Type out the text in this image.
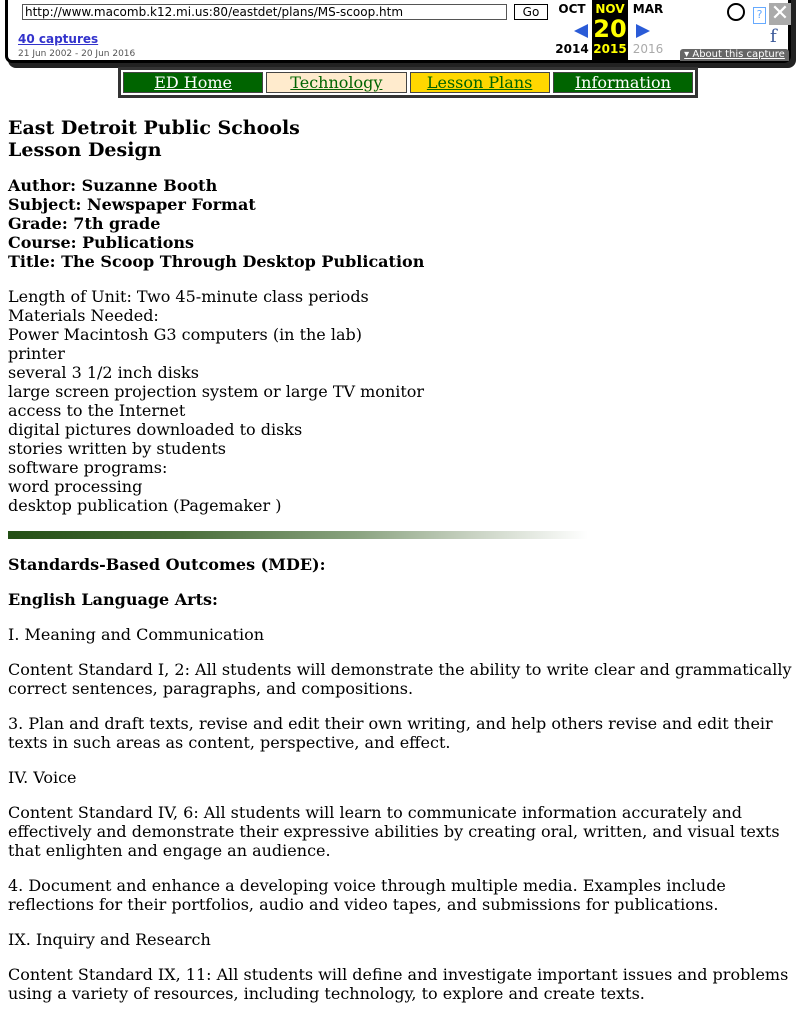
http://www.macomb.k12.mi.us:80/eastdet/plans/MS-scoop.htm
Go
40 captures
21 Jun 2002 - 20 Jun 2016
OCT
2014
NOV
20
2015
MAR
2016
? ✕
f
▾ About this capture
ED Home	Technology	Lesson Plans	Information
East Detroit Public Schools
Lesson Design
Author: Suzanne Booth
Subject: Newspaper Format
Grade: 7th grade
Course: Publications
Title: The Scoop Through Desktop Publication
Length of Unit: Two 45-minute class periods
Materials Needed:
Power Macintosh G3 computers (in the lab)
printer
several 3 1/2 inch disks
large screen projection system or large TV monitor
access to the Internet
digital pictures downloaded to disks
stories written by students
software programs:
word processing
desktop publication (Pagemaker )

Standards-Based Outcomes (MDE):

English Language Arts:

I. Meaning and Communication

Content Standard I, 2: All students will demonstrate the ability to write clear and grammatically correct sentences, paragraphs, and compositions.

3. Plan and draft texts, revise and edit their own writing, and help others revise and edit their texts in such areas as content, perspective, and effect.

IV. Voice

Content Standard IV, 6: All students will learn to communicate information accurately and effectively and demonstrate their expressive abilities by creating oral, written, and visual texts that enlighten and engage an audience.

4. Document and enhance a developing voice through multiple media. Examples include reflections for their portfolios, audio and video tapes, and submissions for publications.

IX. Inquiry and Research

Content Standard IX, 11: All students will define and investigate important issues and problems using a variety of resources, including technology, to explore and create texts.
